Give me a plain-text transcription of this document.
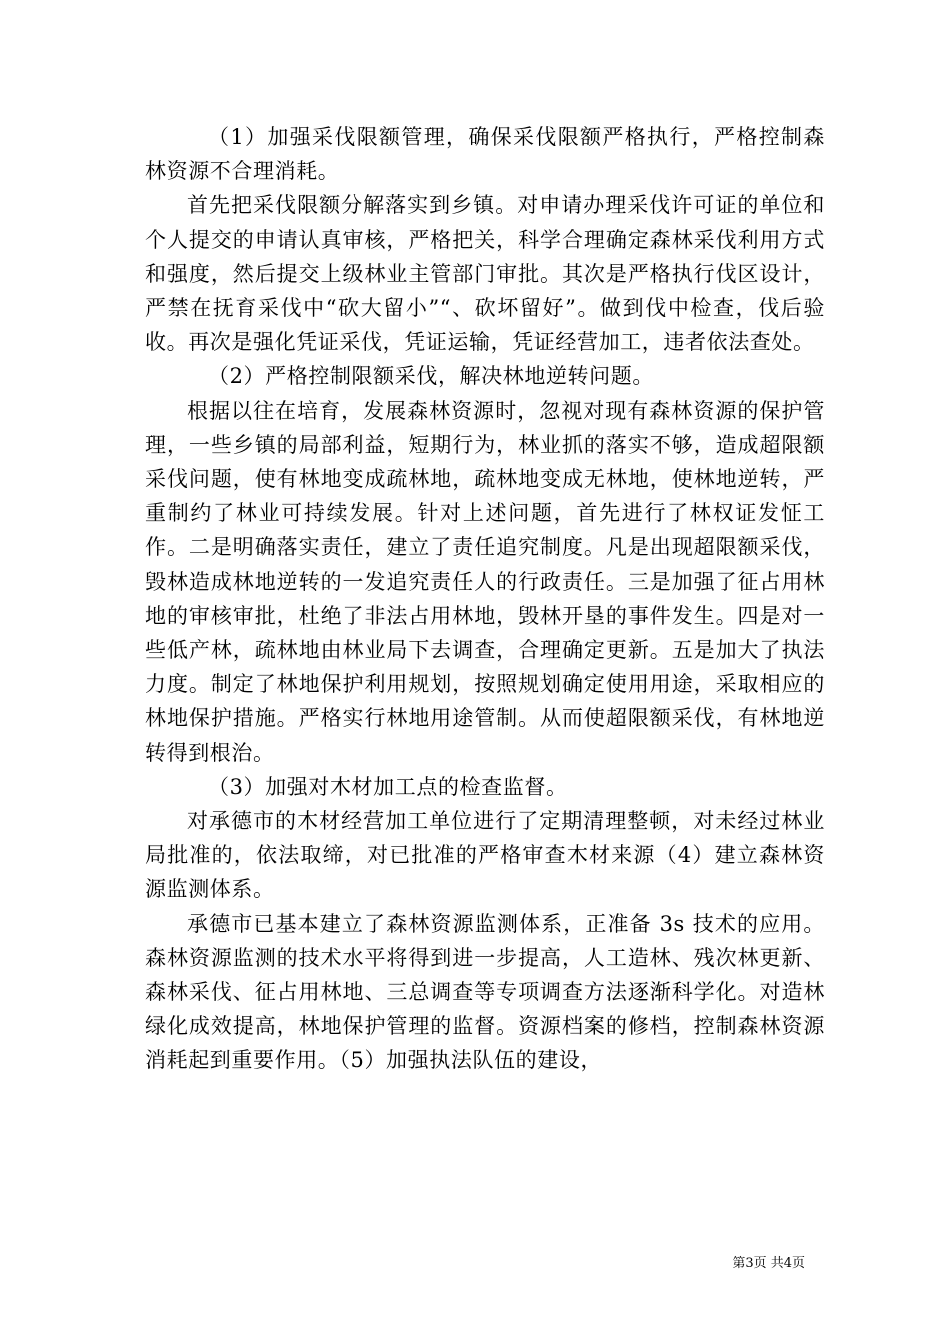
（1）加强采伐限额管理，确保采伐限额严格执行，严格控制森林资源不合理消耗。

首先把采伐限额分解落实到乡镇。对申请办理采伐许可证的单位和个人提交的申请认真审核，严格把关，科学合理确定森林采伐利用方式和强度，然后提交上级林业主管部门审批。其次是严格执行伐区设计，严禁在抚育采伐中“砍大留小”“、砍坏留好”。做到伐中检查，伐后验收。再次是强化凭证采伐，凭证运输，凭证经营加工，违者依法查处。

（2）严格控制限额采伐，解决林地逆转问题。

根据以往在培育，发展森林资源时，忽视对现有森林资源的保护管理，一些乡镇的局部利益，短期行为，林业抓的落实不够，造成超限额采伐问题，使有林地变成疏林地，疏林地变成无林地，使林地逆转，严重制约了林业可持续发展。针对上述问题，首先进行了林权证发怔工作。二是明确落实责任，建立了责任追究制度。凡是出现超限额采伐，毁林造成林地逆转的一发追究责任人的行政责任。三是加强了征占用林地的审核审批，杜绝了非法占用林地，毁林开垦的事件发生。四是对一些低产林，疏林地由林业局下去调查，合理确定更新。五是加大了执法力度。制定了林地保护利用规划，按照规划确定使用用途，采取相应的林地保护措施。严格实行林地用途管制。从而使超限额采伐，有林地逆转得到根治。

（3）加强对木材加工点的检查监督。

对承德市的木材经营加工单位进行了定期清理整顿，对未经过林业局批准的，依法取缔，对已批准的严格审查木材来源（4）建立森林资源监测体系。

承德市已基本建立了森林资源监测体系，正准备 3s 技术的应用。森林资源监测的技术水平将得到进一步提高，人工造林、残次林更新、森林采伐、征占用林地、三总调查等专项调查方法逐渐科学化。对造林绿化成效提高，林地保护管理的监督。资源档案的修档，控制森林资源消耗起到重要作用。（5）加强执法队伍的建设，

第3页 共4页
